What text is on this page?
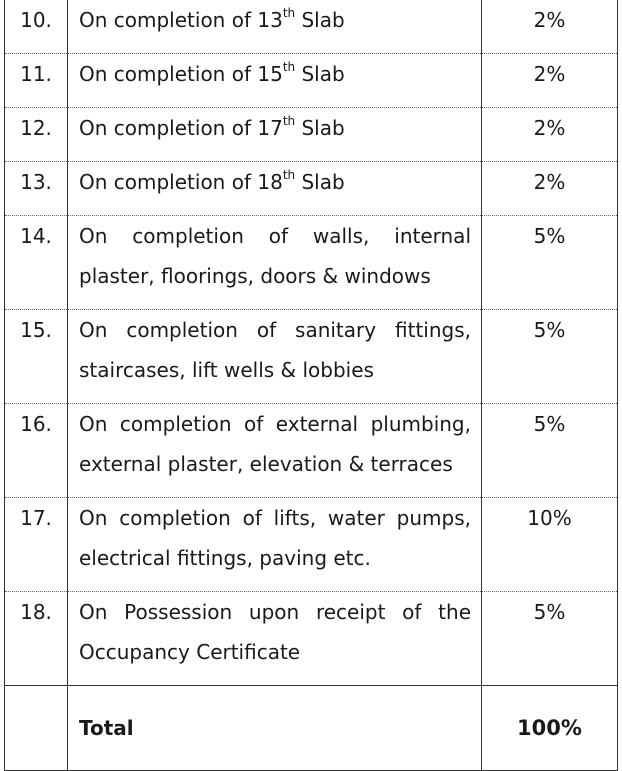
10.	On completion of 13th Slab	2%
11.	On completion of 15th Slab	2%
12.	On completion of 17th Slab	2%
13.	On completion of 18th Slab	2%
14.	On completion of walls, internal plaster, floorings, doors & windows	5%
15.	On completion of sanitary fittings, staircases, lift wells & lobbies	5%
16.	On completion of external plumbing, external plaster, elevation & terraces	5%
17.	On completion of lifts, water pumps, electrical fittings, paving etc.	10%
18.	On Possession upon receipt of the Occupancy Certificate	5%
	Total	100%
